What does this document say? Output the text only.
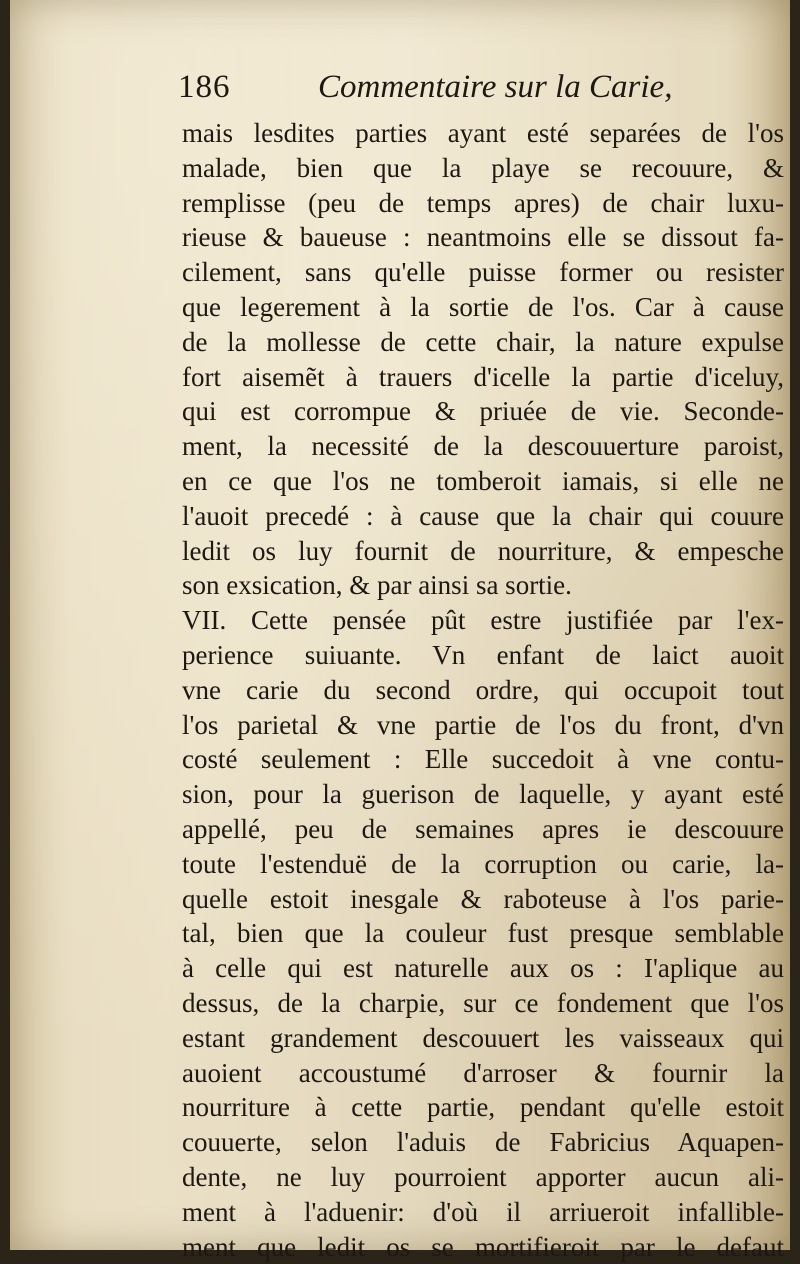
186	Commentaire sur la Carie,
mais lesdites parties ayant esté separées de l'os
malade, bien que la playe se recouure, &
remplisse (peu de temps apres) de chair luxu-
rieuse & baueuse : neantmoins elle se dissout fa-
cilement, sans qu'elle puisse former ou resister
que legerement à la sortie de l'os. Car à cause
de la mollesse de cette chair, la nature expulse
fort aisemẽt à trauers d'icelle la partie d'iceluy,
qui est corrompue & priuée de vie. Seconde-
ment, la necessité de la descouuerture paroist,
en ce que l'os ne tomberoit iamais, si elle ne
l'auoit precedé : à cause que la chair qui couure
ledit os luy fournit de nourriture, & empesche
son exsication, & par ainsi sa sortie.
VII. Cette pensée pût estre justifiée par l'ex-
perience suiuante. Vn enfant de laict auoit
vne carie du second ordre, qui occupoit tout
l'os parietal & vne partie de l'os du front, d'vn
costé seulement : Elle succedoit à vne contu-
sion, pour la guerison de laquelle, y ayant esté
appellé, peu de semaines apres ie descouure
toute l'estenduë de la corruption ou carie, la-
quelle estoit inesgale & raboteuse à l'os parie-
tal, bien que la couleur fust presque semblable
à celle qui est naturelle aux os : I'aplique au
dessus, de la charpie, sur ce fondement que l'os
estant grandement descouuert les vaisseaux qui
auoient accoustumé d'arroser & fournir la
nourriture à cette partie, pendant qu'elle estoit
couuerte, selon l'aduis de Fabricius Aquapen-
dente, ne luy pourroient apporter aucun ali-
ment à l'aduenir: d'où il arriueroit infallible-
ment que ledit os se mortifieroit par le defaut
